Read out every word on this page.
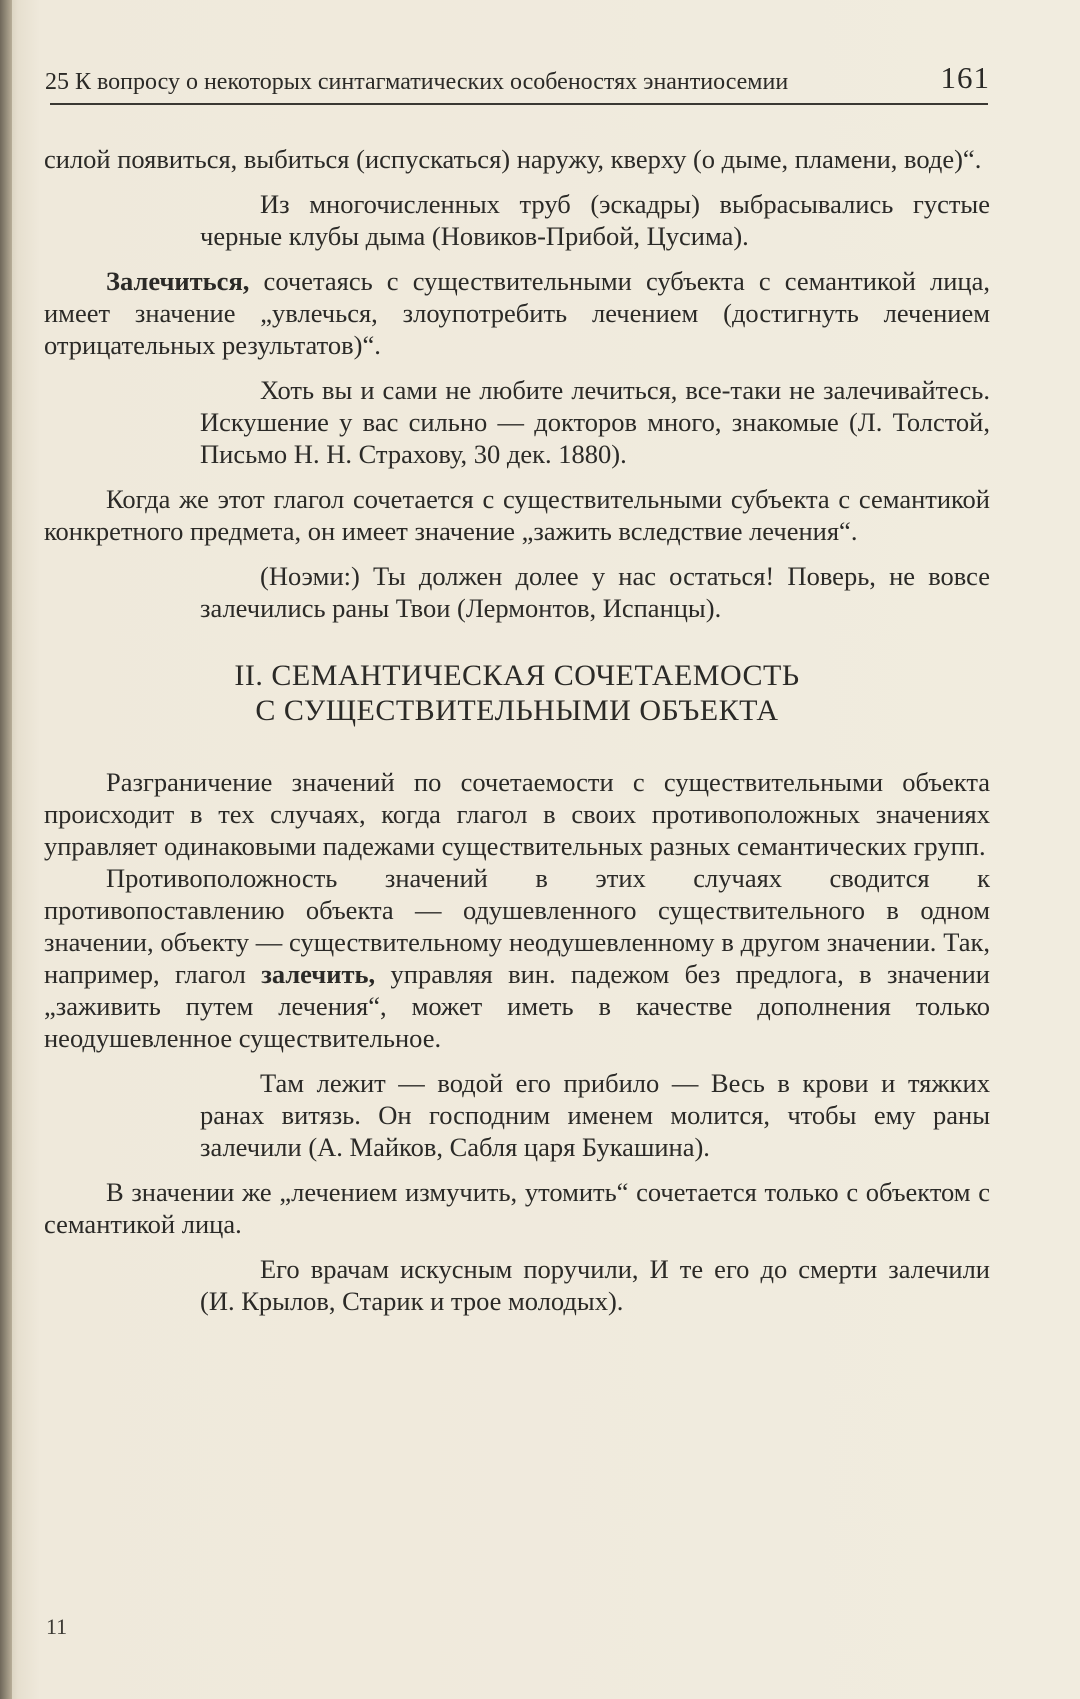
25 К вопросу о некоторых синтагматических особеностях энантиосемии	161

силой появиться, выбиться (испускаться) наружу, кверху (о дыме, пламени, воде)“.

Из многочисленных труб (эскадры) выбрасывались густые черные клубы дыма (Новиков-Прибой, Цусима).

Залечиться, сочетаясь с существительными субъекта с семантикой лица, имеет значение „увлечься, злоупотребить лечением (достигнуть лечением отрицательных результатов)“.

Хоть вы и сами не любите лечиться, все-таки не залечивайтесь. Искушение у вас сильно — докторов много, знакомые (Л. Толстой, Письмо Н. Н. Страхову, 30 дек. 1880).

Когда же этот глагол сочетается с существительными субъекта с семантикой конкретного предмета, он имеет значение „зажить вследствие лечения“.

(Ноэми:) Ты должен долее у нас остаться! Поверь, не вовсе залечились раны Твои (Лермонтов, Испанцы).

II. СЕМАНТИЧЕСКАЯ СОЧЕТАЕМОСТЬ
С СУЩЕСТВИТЕЛЬНЫМИ ОБЪЕКТА

Разграничение значений по сочетаемости с существительными объекта происходит в тех случаях, когда глагол в своих противоположных значениях управляет одинаковыми падежами существительных разных семантических групп.

Противоположность значений в этих случаях сводится к противопоставлению объекта — одушевленного существительного в одном значении, объекту — существительному неодушевленному в другом значении. Так, например, глагол залечить, управляя вин. падежом без предлога, в значении „заживить путем лечения“, может иметь в качестве дополнения только неодушевленное существительное.

Там лежит — водой его прибило — Весь в крови и тяжких ранах витязь. Он господним именем молится, чтобы ему раны залечили (А. Майков, Сабля царя Букашина).

В значении же „лечением измучить, утомить“ сочетается только с объектом с семантикой лица.

Его врачам искусным поручили, И те его до смерти залечили (И. Крылов, Старик и трое молодых).

11
